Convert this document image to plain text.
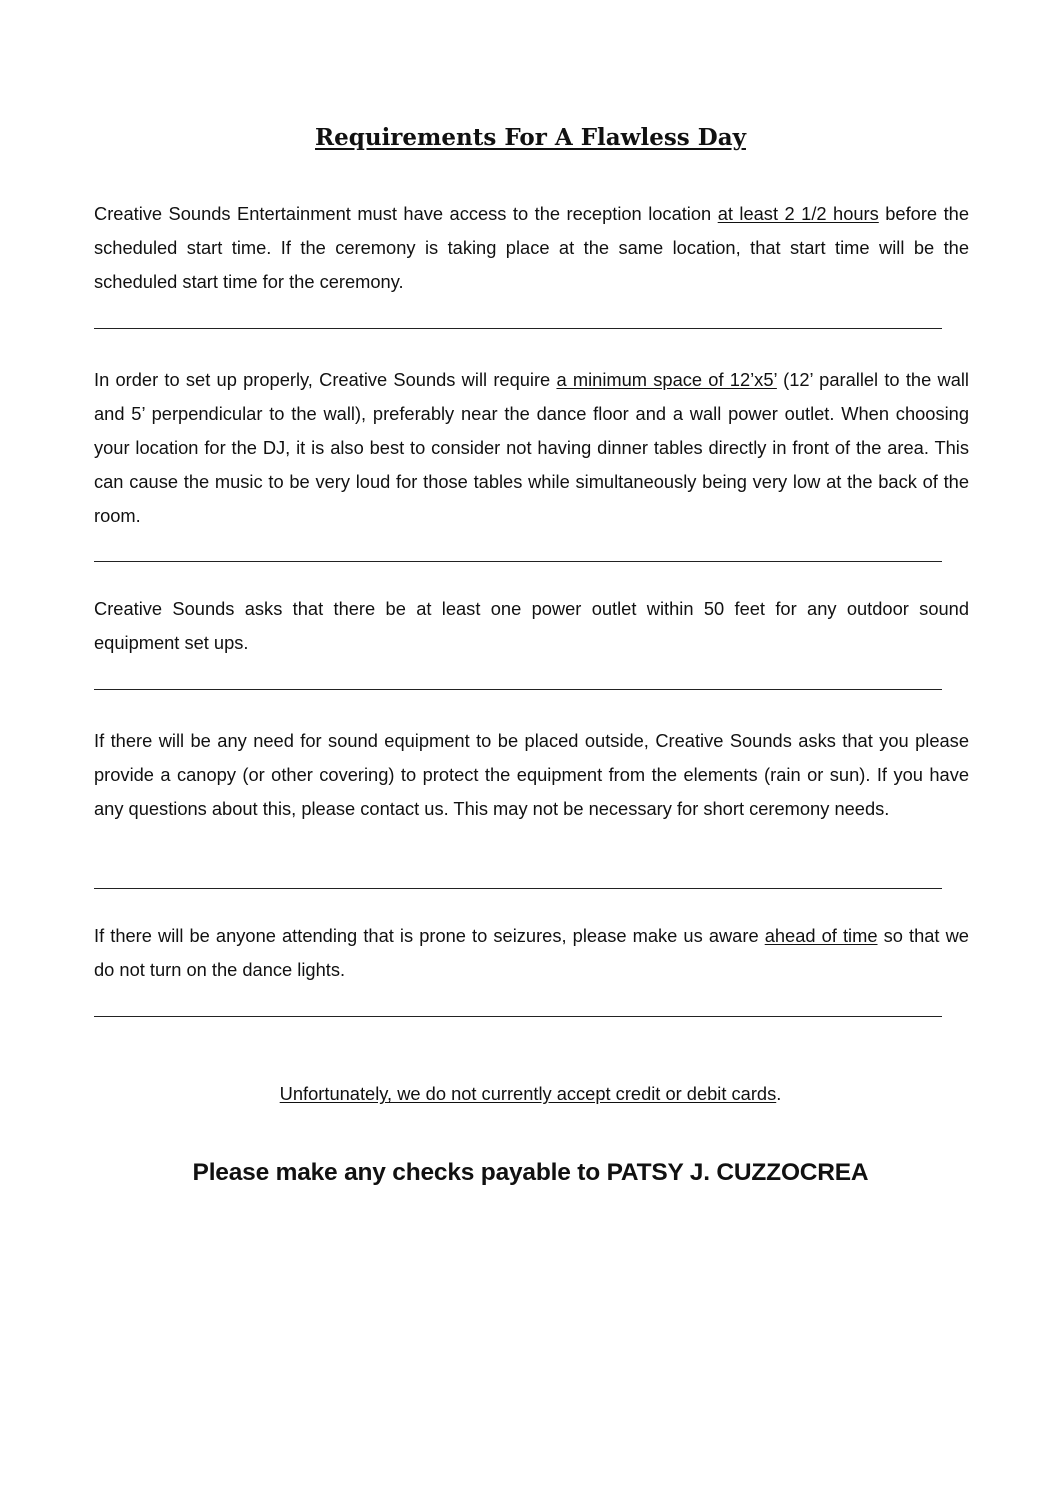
Requirements For A Flawless Day

Creative Sounds Entertainment must have access to the reception location at least 2 1/2 hours before the scheduled start time. If the ceremony is taking place at the same location, that start time will be the scheduled start time for the ceremony.

In order to set up properly, Creative Sounds will require a minimum space of 12’x5’ (12’ parallel to the wall and 5’ perpendicular to the wall), preferably near the dance floor and a wall power outlet. When choosing your location for the DJ, it is also best to consider not having dinner tables directly in front of the area. This can cause the music to be very loud for those tables while simultaneously being very low at the back of the room.

Creative Sounds asks that there be at least one power outlet within 50 feet for any outdoor sound equipment set ups.

If there will be any need for sound equipment to be placed outside, Creative Sounds asks that you please provide a canopy (or other covering) to protect the equipment from the elements (rain or sun). If you have any questions about this, please contact us. This may not be necessary for short ceremony needs.

If there will be anyone attending that is prone to seizures, please make us aware ahead of time so that we do not turn on the dance lights.

Unfortunately, we do not currently accept credit or debit cards.

Please make any checks payable to PATSY J. CUZZOCREA
